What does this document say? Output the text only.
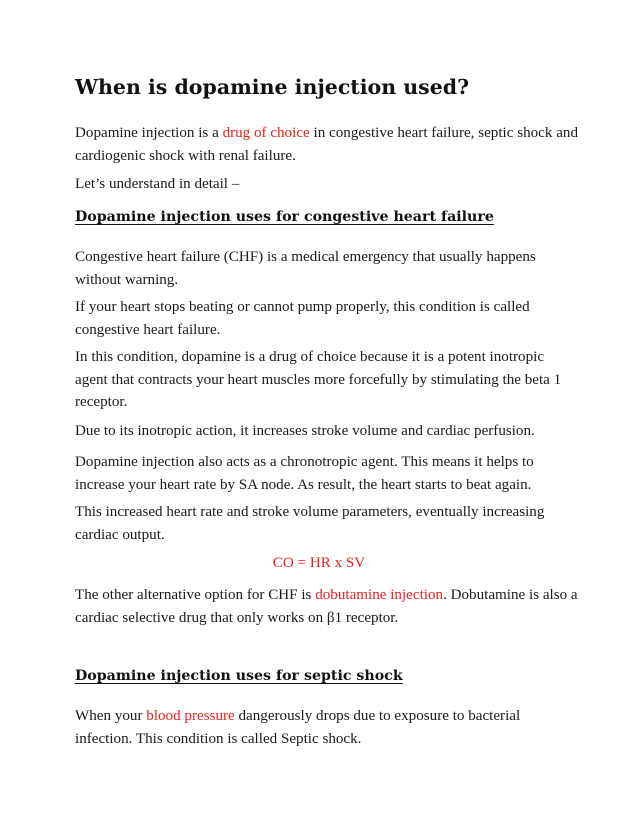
When is dopamine injection used?

Dopamine injection is a drug of choice in congestive heart failure, septic shock and
cardiogenic shock with renal failure.

Let’s understand in detail –

Dopamine injection uses for congestive heart failure

Congestive heart failure (CHF) is a medical emergency that usually happens
without warning.

If your heart stops beating or cannot pump properly, this condition is called
congestive heart failure.

In this condition, dopamine is a drug of choice because it is a potent inotropic
agent that contracts your heart muscles more forcefully by stimulating the beta 1
receptor.

Due to its inotropic action, it increases stroke volume and cardiac perfusion.

Dopamine injection also acts as a chronotropic agent. This means it helps to
increase your heart rate by SA node. As result, the heart starts to beat again.

This increased heart rate and stroke volume parameters, eventually increasing
cardiac output.

CO = HR x SV

The other alternative option for CHF is dobutamine injection. Dobutamine is also a
cardiac selective drug that only works on β1 receptor.

Dopamine injection uses for septic shock

When your blood pressure dangerously drops due to exposure to bacterial
infection. This condition is called Septic shock.
